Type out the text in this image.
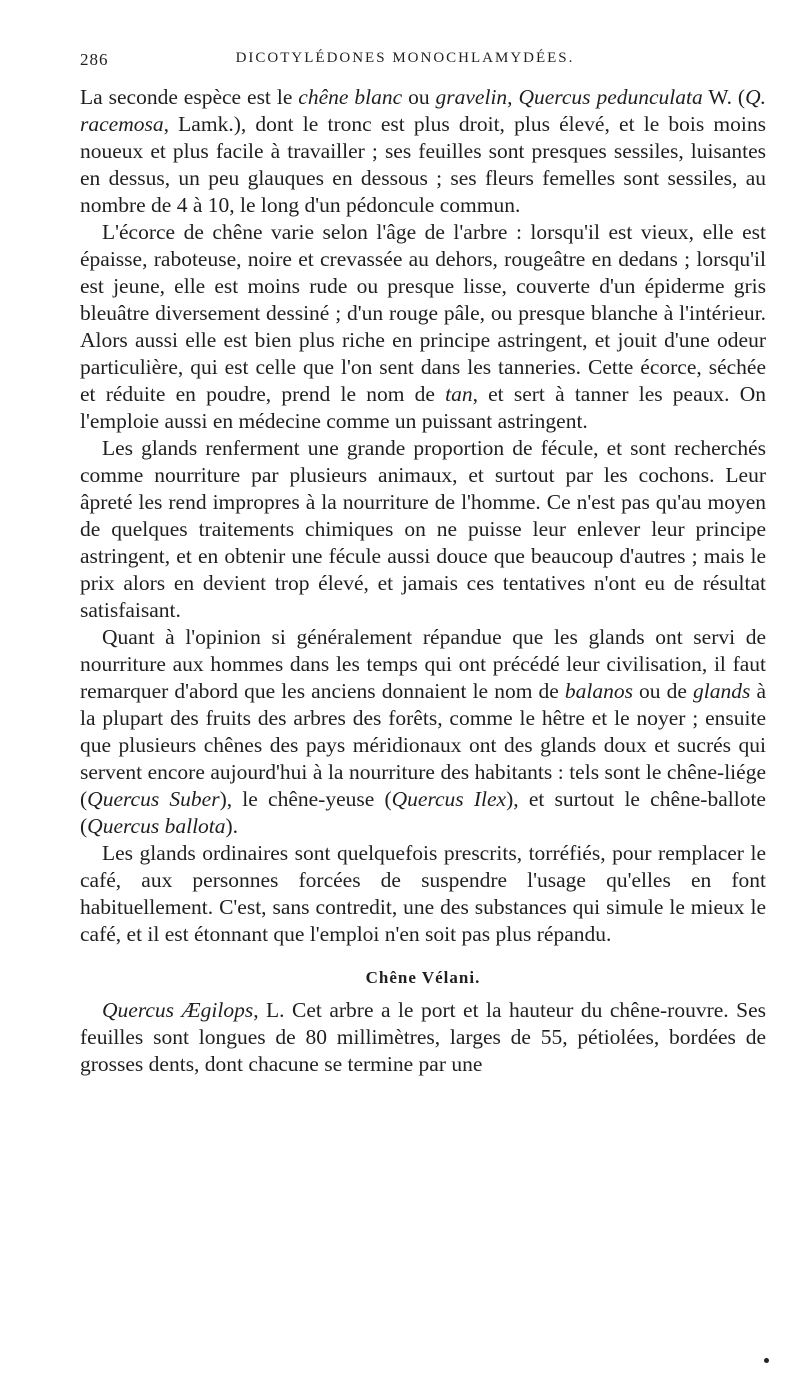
286	DICOTYLÉDONES MONOCHLAMYDÉES.

La seconde espèce est le chêne blanc ou gravelin, Quercus pedunculata W. (Q. racemosa, Lamk.), dont le tronc est plus droit, plus élevé, et le bois moins noueux et plus facile à travailler ; ses feuilles sont presques sessiles, luisantes en dessus, un peu glauques en dessous ; ses fleurs femelles sont sessiles, au nombre de 4 à 10, le long d'un pédoncule commun.

L'écorce de chêne varie selon l'âge de l'arbre : lorsqu'il est vieux, elle est épaisse, raboteuse, noire et crevassée au dehors, rougeâtre en dedans ; lorsqu'il est jeune, elle est moins rude ou presque lisse, couverte d'un épiderme gris bleuâtre diversement dessiné ; d'un rouge pâle, ou presque blanche à l'intérieur. Alors aussi elle est bien plus riche en principe astringent, et jouit d'une odeur particulière, qui est celle que l'on sent dans les tanneries. Cette écorce, séchée et réduite en poudre, prend le nom de tan, et sert à tanner les peaux. On l'emploie aussi en médecine comme un puissant astringent.

Les glands renferment une grande proportion de fécule, et sont recherchés comme nourriture par plusieurs animaux, et surtout par les cochons. Leur âpreté les rend impropres à la nourriture de l'homme. Ce n'est pas qu'au moyen de quelques traitements chimiques on ne puisse leur enlever leur principe astringent, et en obtenir une fécule aussi douce que beaucoup d'autres ; mais le prix alors en devient trop élevé, et jamais ces tentatives n'ont eu de résultat satisfaisant.

Quant à l'opinion si généralement répandue que les glands ont servi de nourriture aux hommes dans les temps qui ont précédé leur civilisation, il faut remarquer d'abord que les anciens donnaient le nom de balanos ou de glands à la plupart des fruits des arbres des forêts, comme le hêtre et le noyer ; ensuite que plusieurs chênes des pays méridionaux ont des glands doux et sucrés qui servent encore aujourd'hui à la nourriture des habitants : tels sont le chêne-liége (Quercus Suber), le chêne-yeuse (Quercus Ilex), et surtout le chêne-ballote (Quercus ballota).

Les glands ordinaires sont quelquefois prescrits, torréfiés, pour remplacer le café, aux personnes forcées de suspendre l'usage qu'elles en font habituellement. C'est, sans contredit, une des substances qui simule le mieux le café, et il est étonnant que l'emploi n'en soit pas plus répandu.

Chêne Vélani.

Quercus Ægilops, L. Cet arbre a le port et la hauteur du chêne-rouvre. Ses feuilles sont longues de 80 millimètres, larges de 55, pétiolées, bordées de grosses dents, dont chacune se termine par une
